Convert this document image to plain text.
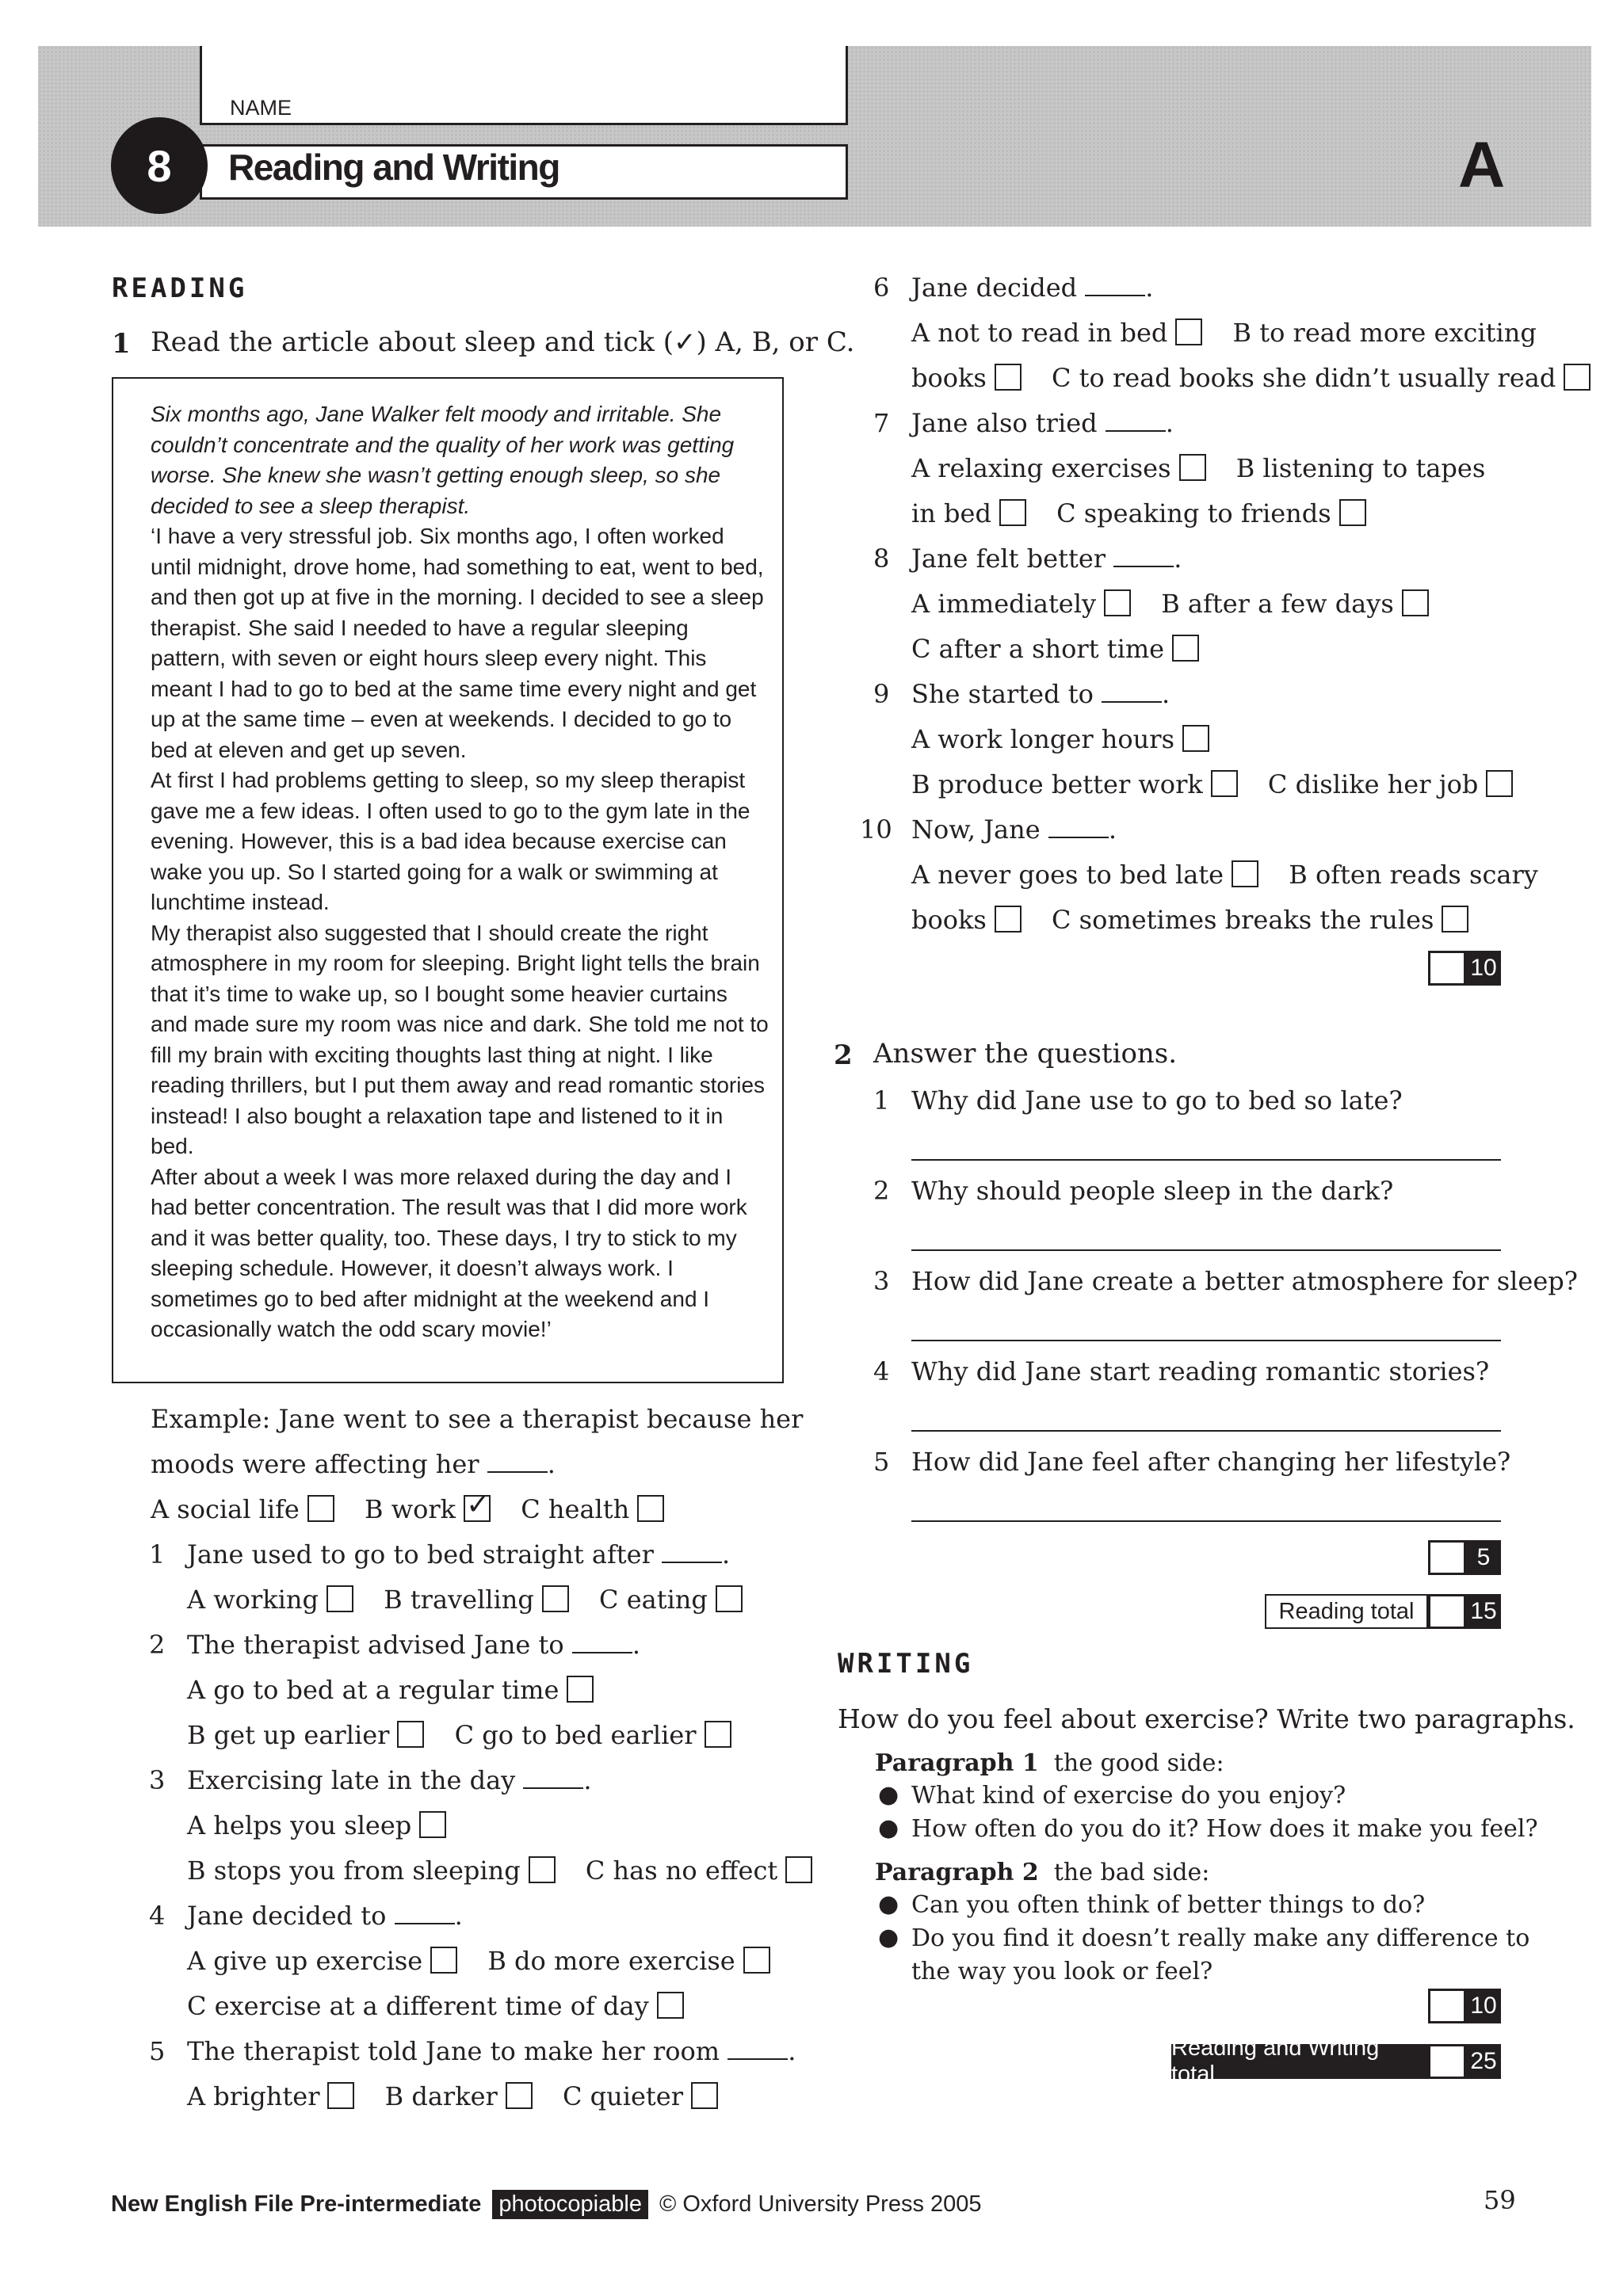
NAME
Reading and Writing
8	A
READING
1 Read the article about sleep and tick (✓) A, B, or C.

Six months ago, Jane Walker felt moody and irritable. She couldn’t concentrate and the quality of her work was getting worse. She knew she wasn’t getting enough sleep, so she decided to see a sleep therapist.

‘I have a very stressful job. Six months ago, I often worked until midnight, drove home, had something to eat, went to bed, and then got up at five in the morning. I decided to see a sleep therapist. She said I needed to have a regular sleeping pattern, with seven or eight hours sleep every night. This meant I had to go to bed at the same time every night and get up at the same time – even at weekends. I decided to go to bed at eleven and get up seven.

At first I had problems getting to sleep, so my sleep therapist gave me a few ideas. I often used to go to the gym late in the evening. However, this is a bad idea because exercise can wake you up. So I started going for a walk or swimming at lunchtime instead.

My therapist also suggested that I should create the right atmosphere in my room for sleeping. Bright light tells the brain that it’s time to wake up, so I bought some heavier curtains and made sure my room was nice and dark. She told me not to fill my brain with exciting thoughts last thing at night. I like reading thrillers, but I put them away and read romantic stories instead! I also bought a relaxation tape and listened to it in bed.

After about a week I was more relaxed during the day and I had better concentration. The result was that I did more work and it was better quality, too. These days, I try to stick to my sleeping schedule. However, it doesn’t always work. I sometimes go to bed after midnight at the weekend and I occasionally watch the odd scary movie!’

Example: Jane went to see a therapist because her
moods were affecting her	.
A social life	B work ✓	C health
1 Jane used to go to bed straight after	.
A working	B travelling	C eating
2 The therapist advised Jane to	.
A go to bed at a regular time
B get up earlier	C go to bed earlier
3 Exercising late in the day	.
A helps you sleep
B stops you from sleeping	C has no effect
4 Jane decided to	.
A give up exercise	B do more exercise
C exercise at a different time of day
5 The therapist told Jane to make her room	.
A brighter	B darker	C quieter
6 Jane decided	.
A not to read in bed	B to read more exciting
books	C to read books she didn’t usually read
7 Jane also tried	.
A relaxing exercises	B listening to tapes
in bed	C speaking to friends
8 Jane felt better	.
A immediately	B after a few days
C after a short time
9 She started to	.
A work longer hours
B produce better work	C dislike her job
10 Now, Jane	.
A never goes to bed late	B often reads scary
books	C sometimes breaks the rules
10
2 Answer the questions.
1 Why did Jane use to go to bed so late?
2 Why should people sleep in the dark?
3 How did Jane create a better atmosphere for sleep?
4 Why did Jane start reading romantic stories?
5 How did Jane feel after changing her lifestyle?
5
Reading total	15
WRITING
How do you feel about exercise? Write two paragraphs.
Paragraph 1 the good side:
● What kind of exercise do you enjoy?
● How often do you do it? How does it make you feel?
Paragraph 2 the bad side:
● Can you often think of better things to do?
● Do you find it doesn’t really make any difference to
the way you look or feel?
10
Reading and Writing total	25
New English File Pre-intermediate photocopiable © Oxford University Press 2005	59
